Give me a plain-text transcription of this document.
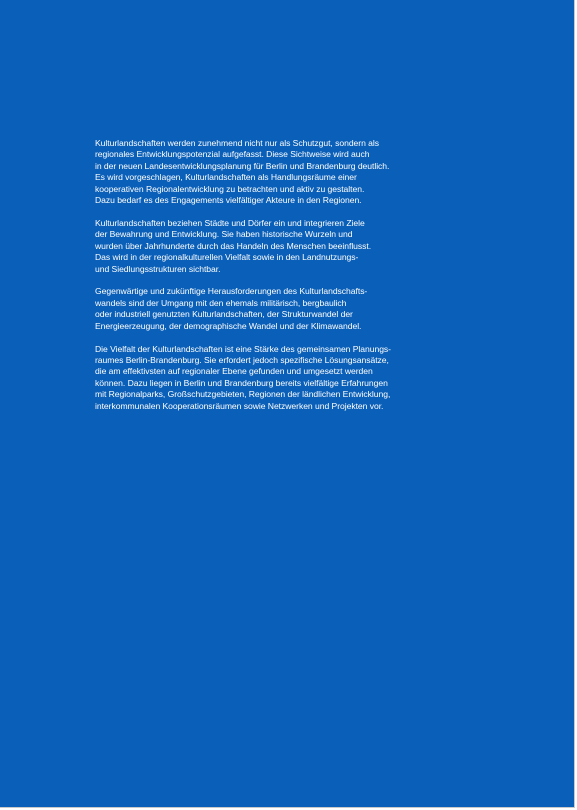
Kulturlandschaften werden zunehmend nicht nur als Schutzgut, sondern als
regionales Entwicklungspotenzial aufgefasst. Diese Sichtweise wird auch
in der neuen Landesentwicklungsplanung für Berlin und Brandenburg deutlich.
Es wird vorgeschlagen, Kulturlandschaften als Handlungsräume einer
kooperativen Regionalentwicklung zu betrachten und aktiv zu gestalten.
Dazu bedarf es des Engagements vielfältiger Akteure in den Regionen.

Kulturlandschaften beziehen Städte und Dörfer ein und integrieren Ziele
der Bewahrung und Entwicklung. Sie haben historische Wurzeln und
wurden über Jahrhunderte durch das Handeln des Menschen beeinflusst.
Das wird in der regionalkulturellen Vielfalt sowie in den Landnutzungs-
und Siedlungsstrukturen sichtbar.

Gegenwärtige und zukünftige Herausforderungen des Kulturlandschafts-
wandels sind der Umgang mit den ehemals militärisch, bergbaulich
oder industriell genutzten Kulturlandschaften, der Strukturwandel der
Energieerzeugung, der demographische Wandel und der Klimawandel.

Die Vielfalt der Kulturlandschaften ist eine Stärke des gemeinsamen Planungs-
raumes Berlin-Brandenburg. Sie erfordert jedoch spezifische Lösungsansätze,
die am effektivsten auf regionaler Ebene gefunden und umgesetzt werden
können. Dazu liegen in Berlin und Brandenburg bereits vielfältige Erfahrungen
mit Regionalparks, Großschutzgebieten, Regionen der ländlichen Entwicklung,
interkommunalen Kooperationsräumen sowie Netzwerken und Projekten vor.
